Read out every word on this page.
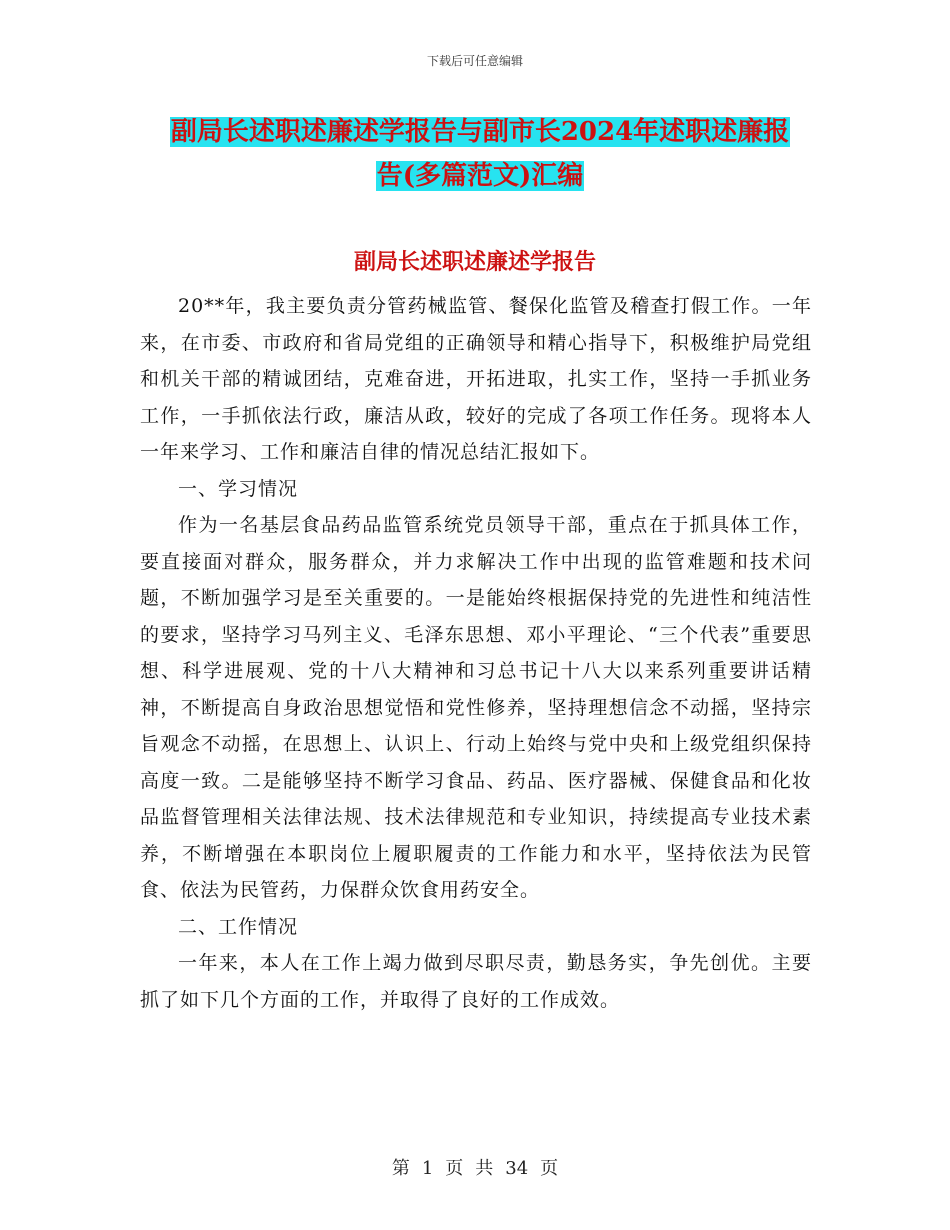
下载后可任意编辑
副局长述职述廉述学报告与副市长2024年述职述廉报
告(多篇范文)汇编
副局长述职述廉述学报告

20**年，我主要负责分管药械监管、餐保化监管及稽查打假工作。一年来，在市委、市政府和省局党组的正确领导和精心指导下，积极维护局党组和机关干部的精诚团结，克难奋进，开拓进取，扎实工作，坚持一手抓业务工作，一手抓依法行政，廉洁从政，较好的完成了各项工作任务。现将本人一年来学习、工作和廉洁自律的情况总结汇报如下。

一、学习情况

作为一名基层食品药品监管系统党员领导干部，重点在于抓具体工作，要直接面对群众，服务群众，并力求解决工作中出现的监管难题和技术问题，不断加强学习是至关重要的。一是能始终根据保持党的先进性和纯洁性的要求，坚持学习马列主义、毛泽东思想、邓小平理论、“三个代表”重要思想、科学进展观、党的十八大精神和习总书记十八大以来系列重要讲话精神，不断提高自身政治思想觉悟和党性修养，坚持理想信念不动摇，坚持宗旨观念不动摇，在思想上、认识上、行动上始终与党中央和上级党组织保持高度一致。二是能够坚持不断学习食品、药品、医疗器械、保健食品和化妆品监督管理相关法律法规、技术法律规范和专业知识，持续提高专业技术素养，不断增强在本职岗位上履职履责的工作能力和水平，坚持依法为民管食、依法为民管药，力保群众饮食用药安全。

二、工作情况

一年来，本人在工作上竭力做到尽职尽责，勤恳务实，争先创优。主要抓了如下几个方面的工作，并取得了良好的工作成效。

第 1 页 共 34 页
